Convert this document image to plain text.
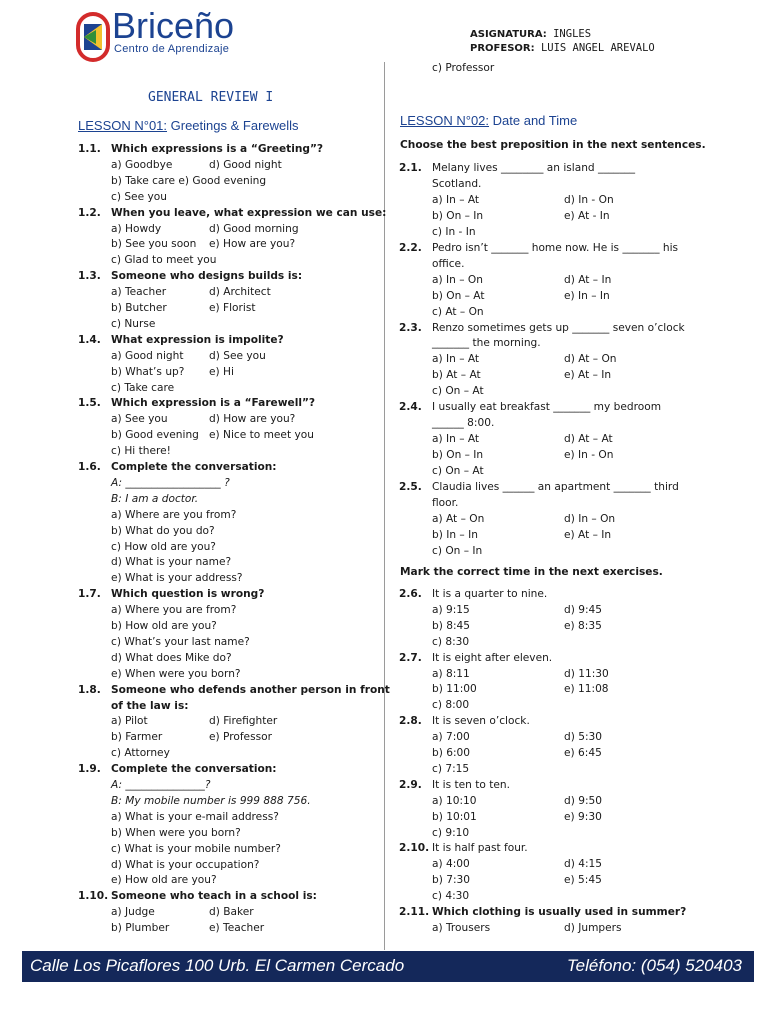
Briceño
Centro de Aprendizaje
ASIGNATURA: INGLES
PROFESOR: LUIS ANGEL AREVALO
GENERAL REVIEW I
LESSON N°01: Greetings & Farewells
1.1. Which expressions is a “Greeting”?
a) Goodbye	d) Good night
b) Take care e) Good evening
c) See you
1.2. When you leave, what expression we can use:
a) Howdy	d) Good morning
b) See you soon e) How are you?
c) Glad to meet you
1.3. Someone who designs builds is:
a) Teacher	d) Architect
b) Butcher	e) Florist
c) Nurse
1.4. What expression is impolite?
a) Good night d) See you
b) What’s up? e) Hi
c) Take care
1.5. Which expression is a “Farewell”?
a) See you	d) How are you?
b) Good evening e) Nice to meet you
c) Hi there!
1.6. Complete the conversation:
A: __________________ ?
B: I am a doctor.
a) Where are you from?
b) What do you do?
c) How old are you?
d) What is your name?
e) What is your address?
1.7. Which question is wrong?
a) Where you are from?
b) How old are you?
c) What’s your last name?
d) What does Mike do?
e) When were you born?
1.8. Someone who defends another person in front
of the law is:
a) Pilot	d) Firefighter
b) Farmer	e) Professor
c) Attorney
1.9. Complete the conversation:
A: _______________?
B: My mobile number is 999 888 756.
a) What is your e-mail address?
b) When were you born?
c) What is your mobile number?
d) What is your occupation?
e) How old are you?
1.10. Someone who teach in a school is:
a) Judge	d) Baker
b) Plumber	e) Teacher
c) Professor
LESSON N°02: Date and Time
Choose the best preposition in the next sentences.
2.1. Melany lives ________ an island _______
Scotland.
a) In – At	d) In - On
b) On – In	e) At - In
c) In - In
2.2. Pedro isn’t _______ home now. He is _______ his
office.
a) In – On	d) At – In
b) On – At	e) In – In
c) At – On
2.3. Renzo sometimes gets up _______ seven o’clock
_______ the morning.
a) In – At	d) At – On
b) At – At	e) At – In
c) On – At
2.4. I usually eat breakfast _______ my bedroom
______ 8:00.
a) In – At	d) At – At
b) On – In	e) In - On
c) On – At
2.5. Claudia lives ______ an apartment _______ third
floor.
a) At – On	d) In – On
b) In – In	e) At – In
c) On – In
Mark the correct time in the next exercises.
2.6. It is a quarter to nine.
a) 9:15	d) 9:45
b) 8:45	e) 8:35
c) 8:30
2.7. It is eight after eleven.
a) 8:11	d) 11:30
b) 11:00	e) 11:08
c) 8:00
2.8. It is seven o’clock.
a) 7:00	d) 5:30
b) 6:00	e) 6:45
c) 7:15
2.9. It is ten to ten.
a) 10:10	d) 9:50
b) 10:01	e) 9:30
c) 9:10
2.10. It is half past four.
a) 4:00	d) 4:15
b) 7:30	e) 5:45
c) 4:30
2.11. Which clothing is usually used in summer?
a) Trousers	d) Jumpers
Calle Los Picaflores 100 Urb. El Carmen Cercado	Teléfono: (054) 520403
